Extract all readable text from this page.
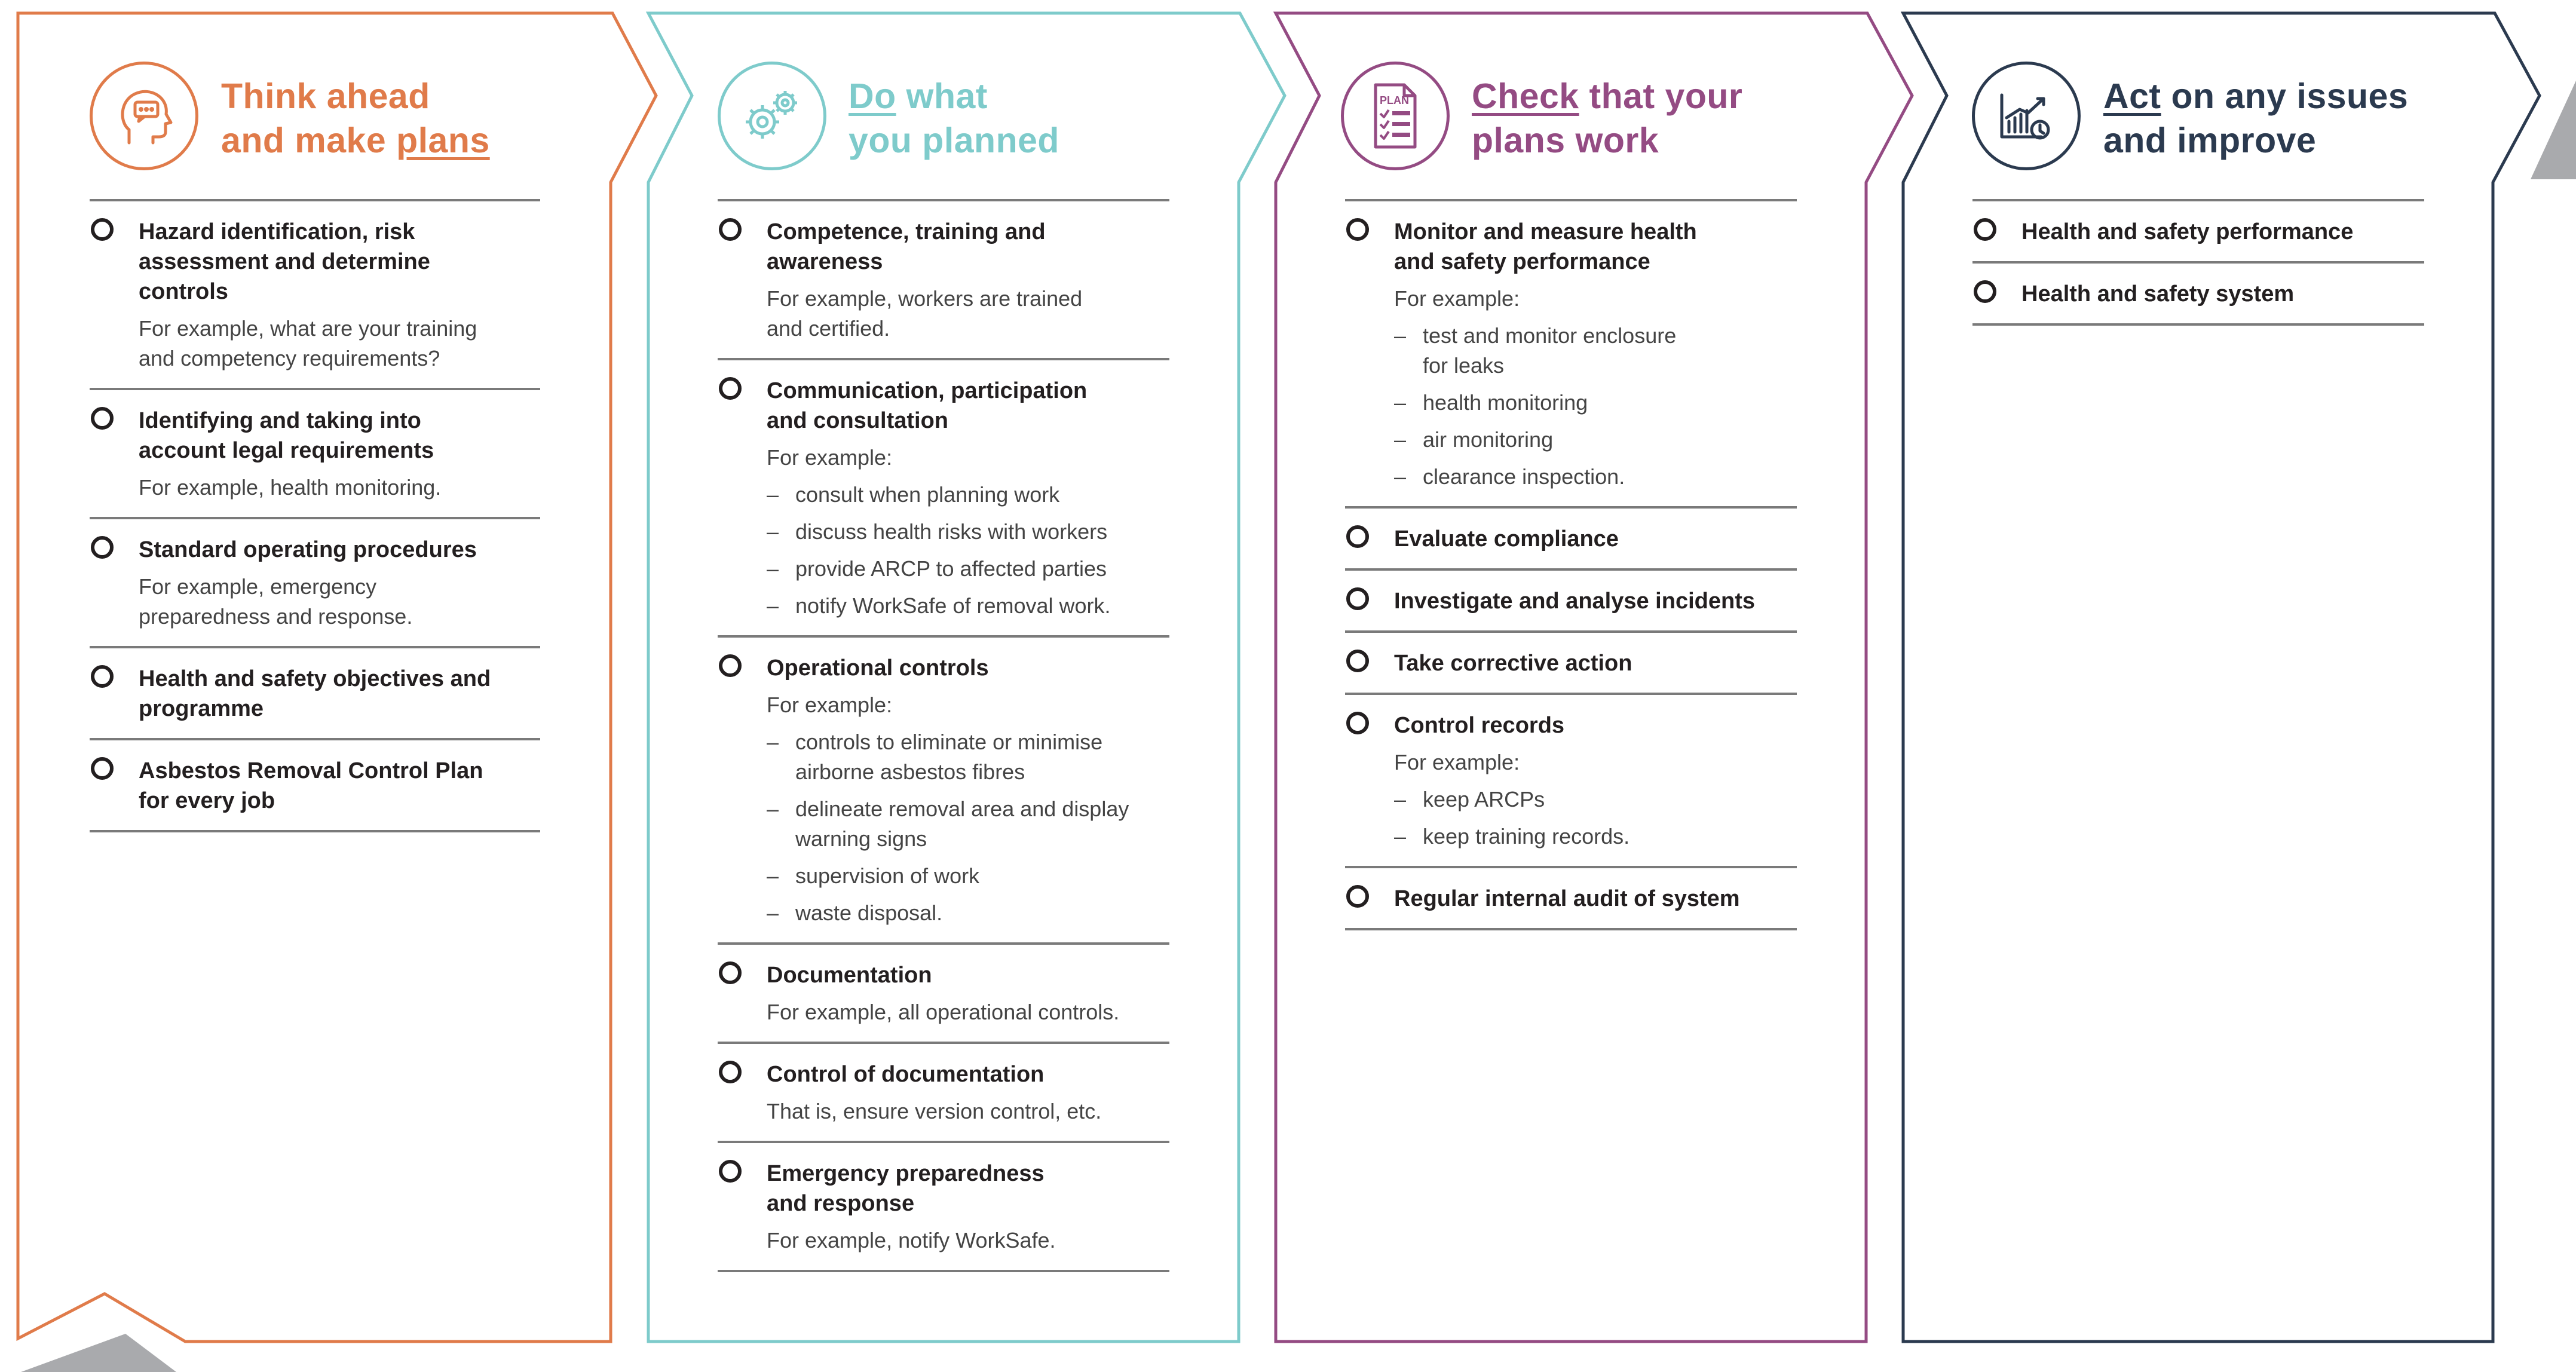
Think ahead
and make plans
Hazard identification, risk
assessment and determine
controls
For example, what are your training
and competency requirements?
Identifying and taking into
account legal requirements
For example, health monitoring.
Standard operating procedures
For example, emergency
preparedness and response.
Health and safety objectives and
programme
Asbestos Removal Control Plan
for every job
Do what
you planned
Competence, training and
awareness
For example, workers are trained
and certified.
Communication, participation
and consultation
For example:
– consult when planning work
– discuss health risks with workers
– provide ARCP to affected parties
– notify WorkSafe of removal work.
Operational controls
For example:
– controls to eliminate or minimise
airborne asbestos fibres
– delineate removal area and display
warning signs
– supervision of work
– waste disposal.
Documentation
For example, all operational controls.
Control of documentation
That is, ensure version control, etc.
Emergency preparedness
and response
For example, notify WorkSafe.
PLAN Check that your
plans work
Monitor and measure health
and safety performance
For example:
– test and monitor enclosure
for leaks
– health monitoring
– air monitoring
– clearance inspection.
Evaluate compliance
Investigate and analyse incidents
Take corrective action
Control records
For example:
– keep ARCPs
– keep training records.
Regular internal audit of system
Act on any issues
and improve
Health and safety performance
Health and safety system
